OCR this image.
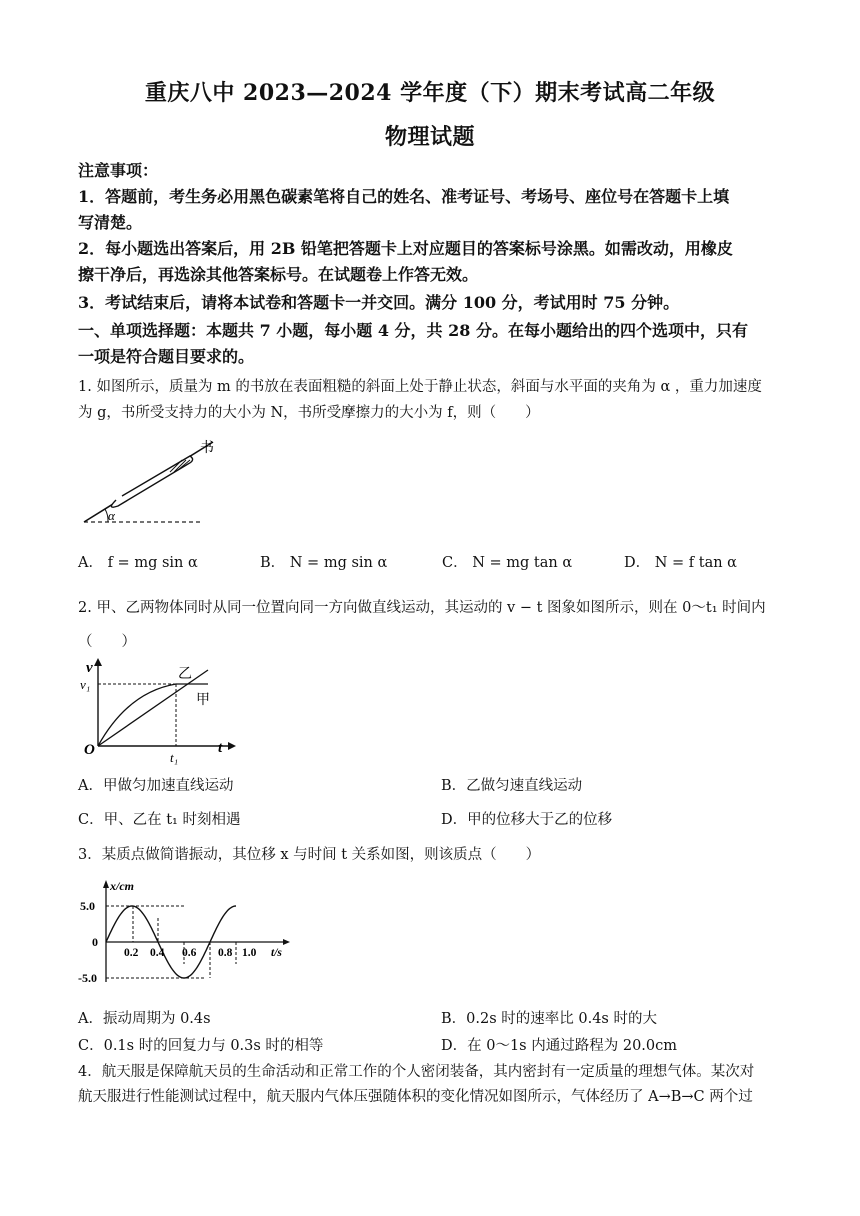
重庆八中 2023—2024 学年度（下）期末考试高二年级
物理试题
注意事项：
1．答题前，考生务必用黑色碳素笔将自己的姓名、准考证号、考场号、座位号在答题卡上填
写清楚。
2．每小题选出答案后，用 2B 铅笔把答题卡上对应题目的答案标号涂黑。如需改动，用橡皮
擦干净后，再选涂其他答案标号。在试题卷上作答无效。
3．考试结束后，请将本试卷和答题卡一并交回。满分 100 分，考试用时 75 分钟。
一、单项选择题：本题共 7 小题，每小题 4 分，共 28 分。在每小题给出的四个选项中，只有
一项是符合题目要求的。
1. 如图所示，质量为 m 的书放在表面粗糙的斜面上处于静止状态，斜面与水平面的夹角为 α ，重力加速度
为 g，书所受支持力的大小为 N，书所受摩擦力的大小为 f，则（　　）
α
书
A． f = mg sin α	B． N = mg sin α	C． N = mg tan α	D． N = f tan α
2. 甲、乙两物体同时从同一位置向同一方向做直线运动，其运动的 v − t 图象如图所示，则在 0～t₁ 时间内
（　　）
v
v₁
O	t₁
t
乙
甲
A．甲做匀加速直线运动	B．乙做匀速直线运动
C．甲、乙在 t₁ 时刻相遇	D．甲的位移大于乙的位移
3．某质点做简谐振动，其位移 x 与时间 t 关系如图，则该质点（　　）
5.0
0
-5.0
0.2 0.4 0.6 0.8 1.0
x/cm
t/s
A．振动周期为 0.4s	B．0.2s 时的速率比 0.4s 时的大
C．0.1s 时的回复力与 0.3s 时的相等	D．在 0～1s 内通过路程为 20.0cm
4．航天服是保障航天员的生命活动和正常工作的个人密闭装备，其内密封有一定质量的理想气体。某次对
航天服进行性能测试过程中，航天服内气体压强随体积的变化情况如图所示，气体经历了 A→B→C 两个过
